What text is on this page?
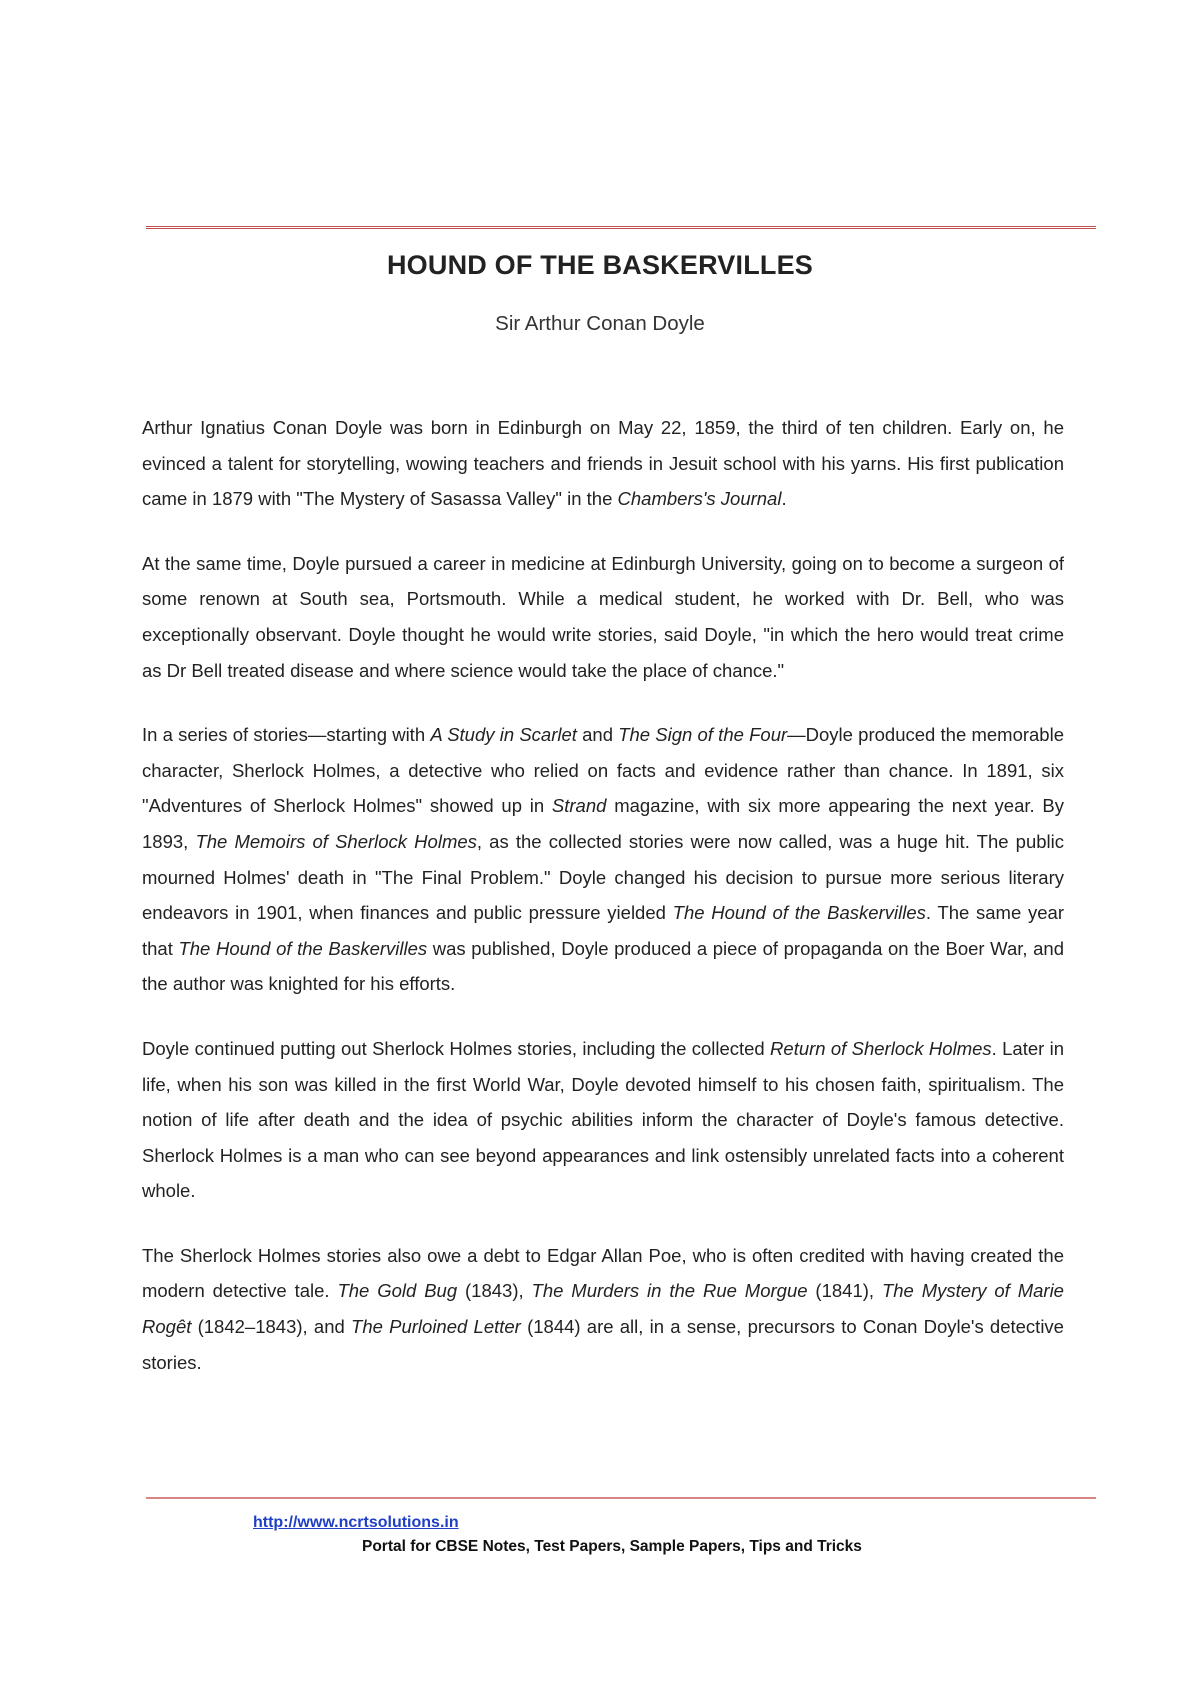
HOUND OF THE BASKERVILLES
Sir Arthur Conan Doyle

Arthur Ignatius Conan Doyle was born in Edinburgh on May 22, 1859, the third of ten children. Early on, he evinced a talent for storytelling, wowing teachers and friends in Jesuit school with his yarns. His first publication came in 1879 with "The Mystery of Sasassa Valley" in the Chambers's Journal.

At the same time, Doyle pursued a career in medicine at Edinburgh University, going on to become a surgeon of some renown at South sea, Portsmouth. While a medical student, he worked with Dr. Bell, who was exceptionally observant. Doyle thought he would write stories, said Doyle, "in which the hero would treat crime as Dr Bell treated disease and where science would take the place of chance."

In a series of stories—starting with A Study in Scarlet and The Sign of the Four—Doyle produced the memorable character, Sherlock Holmes, a detective who relied on facts and evidence rather than chance. In 1891, six "Adventures of Sherlock Holmes" showed up in Strand magazine, with six more appearing the next year. By 1893, The Memoirs of Sherlock Holmes, as the collected stories were now called, was a huge hit. The public mourned Holmes' death in "The Final Problem." Doyle changed his decision to pursue more serious literary endeavors in 1901, when finances and public pressure yielded The Hound of the Baskervilles. The same year that The Hound of the Baskervilles was published, Doyle produced a piece of propaganda on the Boer War, and the author was knighted for his efforts.

Doyle continued putting out Sherlock Holmes stories, including the collected Return of Sherlock Holmes. Later in life, when his son was killed in the first World War, Doyle devoted himself to his chosen faith, spiritualism. The notion of life after death and the idea of psychic abilities inform the character of Doyle's famous detective. Sherlock Holmes is a man who can see beyond appearances and link ostensibly unrelated facts into a coherent whole.

The Sherlock Holmes stories also owe a debt to Edgar Allan Poe, who is often credited with having created the modern detective tale. The Gold Bug (1843), The Murders in the Rue Morgue (1841), The Mystery of Marie Rogêt (1842–1843), and The Purloined Letter (1844) are all, in a sense, precursors to Conan Doyle's detective stories.

http://www.ncrtsolutions.in
Portal for CBSE Notes, Test Papers, Sample Papers, Tips and Tricks
